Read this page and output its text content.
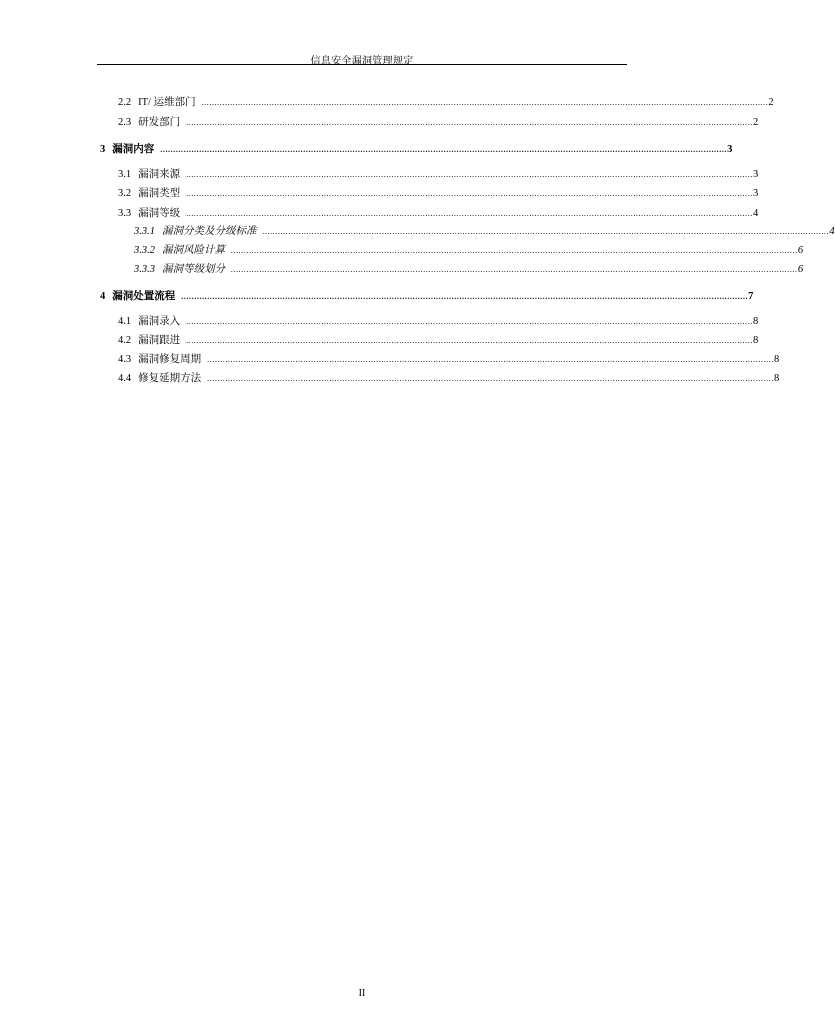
信息安全漏洞管理规定
2.2 IT/ 运维部门 .......................................................................................................................................................................................................................... 2
2.3 研发部门 .......................................................................................................................................................................................................................... 2
3 漏洞内容 .......................................................................................................................................................................................................................... 3
3.1 漏洞来源 .......................................................................................................................................................................................................................... 3
3.2 漏洞类型 .......................................................................................................................................................................................................................... 3
3.3 漏洞等级 .......................................................................................................................................................................................................................... 4
3.3.1 漏洞分类及分级标准 .......................................................................................................................................................................................................................... 4
3.3.2 漏洞风险计算 .......................................................................................................................................................................................................................... 6
3.3.3 漏洞等级划分 .......................................................................................................................................................................................................................... 6
4 漏洞处置流程 .......................................................................................................................................................................................................................... 7
4.1 漏洞录入 .......................................................................................................................................................................................................................... 8
4.2 漏洞跟进 .......................................................................................................................................................................................................................... 8
4.3 漏洞修复周期 .......................................................................................................................................................................................................................... 8
4.4 修复延期方法 .......................................................................................................................................................................................................................... 8
II
